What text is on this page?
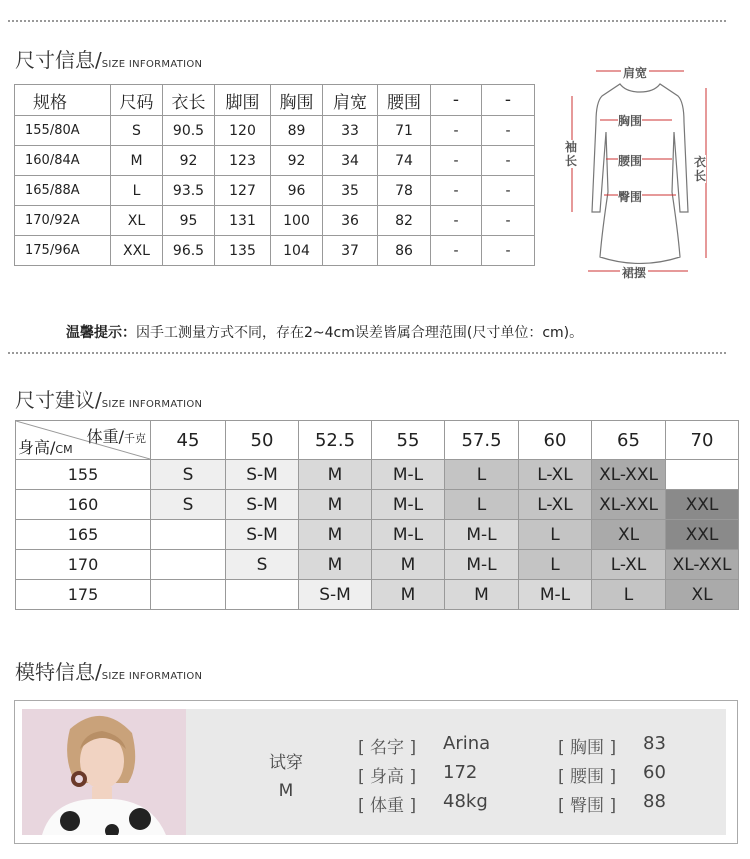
尺寸信息/SIZE INFORMATION
规格	尺码	衣长	脚围	胸围	肩宽	腰围	-	-
155/80A	S	90.5	120	89	33	71	-	-
160/84A	M	92	123	92	34	74	-	-
165/88A	L	93.5	127	96	35	78	-	-
170/92A	XL	95	131	100	36	82	-	-
175/96A	XXL	96.5	135	104	37	86	-	-
肩宽
胸围
腰围
臀围
裙摆
袖长	衣长
温馨提示：因手工测量方式不同，存在2~4cm误差皆属合理范围(尺寸单位：cm)。
尺寸建议/SIZE INFORMATION
体重/千克
身高/CM	45	50	52.5	55	57.5	60	65	70
155	S	S-M	M	M-L	L	L-XL	XL-XXL	
160	S	S-M	M	M-L	L	L-XL	XL-XXL	XXL
165		S-M	M	M-L	M-L	L	XL	XXL
170		S	M	M	M-L	L	L-XL	XL-XXL
175			S-M	M	M	M-L	L	XL
模特信息/SIZE INFORMATION
试穿
M
[ 名字 ] Arina
[ 身高 ] 172
[ 体重 ] 48kg
[ 胸围 ] 83
[ 腰围 ] 60
[ 臀围 ] 88
